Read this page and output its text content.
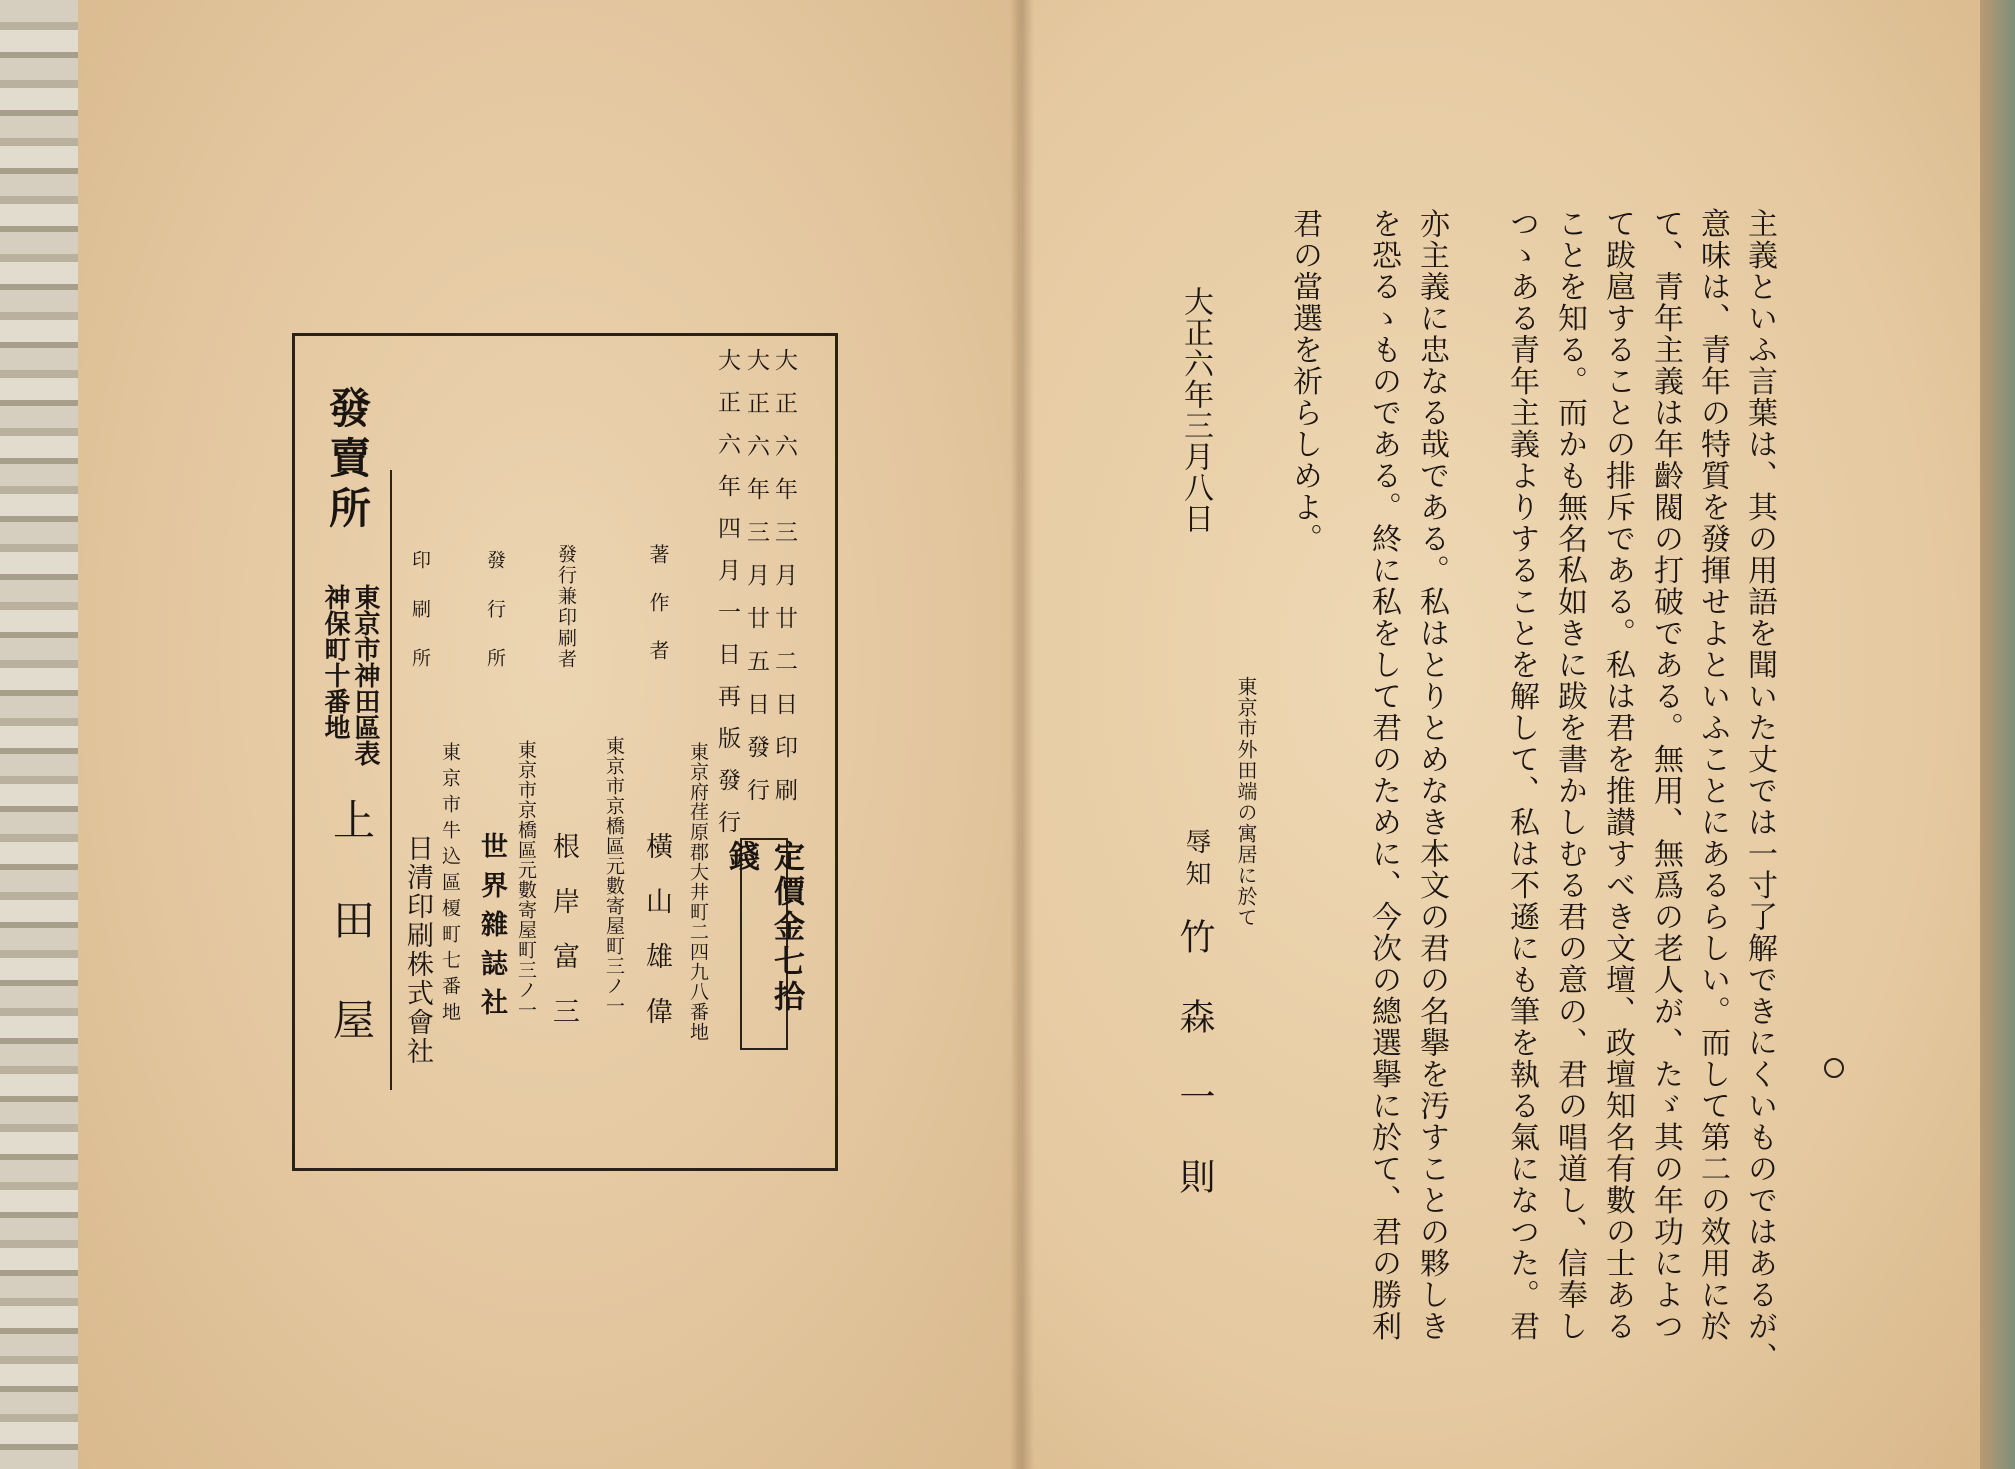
大正六年三月廿二日印刷
大正六年三月廿五日發行
大正六年四月一日再版發行
定價金七拾錢
著作者
東京府荏原郡大井町二四九八番地
橫山雄偉
發行兼印刷者
東京市京橋區元數寄屋町三ノ一
根岸富三
發行所
東京市京橋區元數寄屋町三ノ一
世界雜誌社
印刷所
東京市牛込區榎町七番地
日清印刷株式會社
發賣所
東京市神田區表
神保町十番地
上田屋	主義といふ言葉は、其の用語を聞いた丈では一寸了解できにくいものではあるが、
意味は、青年の特質を發揮せよといふことにあるらしい。而して第二の效用に於
て、青年主義は年齡閥の打破である。無用、無爲の老人が、たゞ其の年功によつ
て跋扈することの排斥である。私は君を推讃すべき文壇、政壇知名有數の士ある
ことを知る。而かも無名私如きに跋を書かしむる君の意の、君の唱道し、信奉し
つゝある青年主義よりすることを解して、私は不遜にも筆を執る氣になつた。君
亦主義に忠なる哉である。私はとりとめなき本文の君の名擧を汚すことの夥しき
を恐るゝものである。終に私をして君のために、今次の總選擧に於て、君の勝利
君の當選を祈らしめよ。
東京市外田端の寓居に於て
辱知
竹森一則
大正六年三月八日
